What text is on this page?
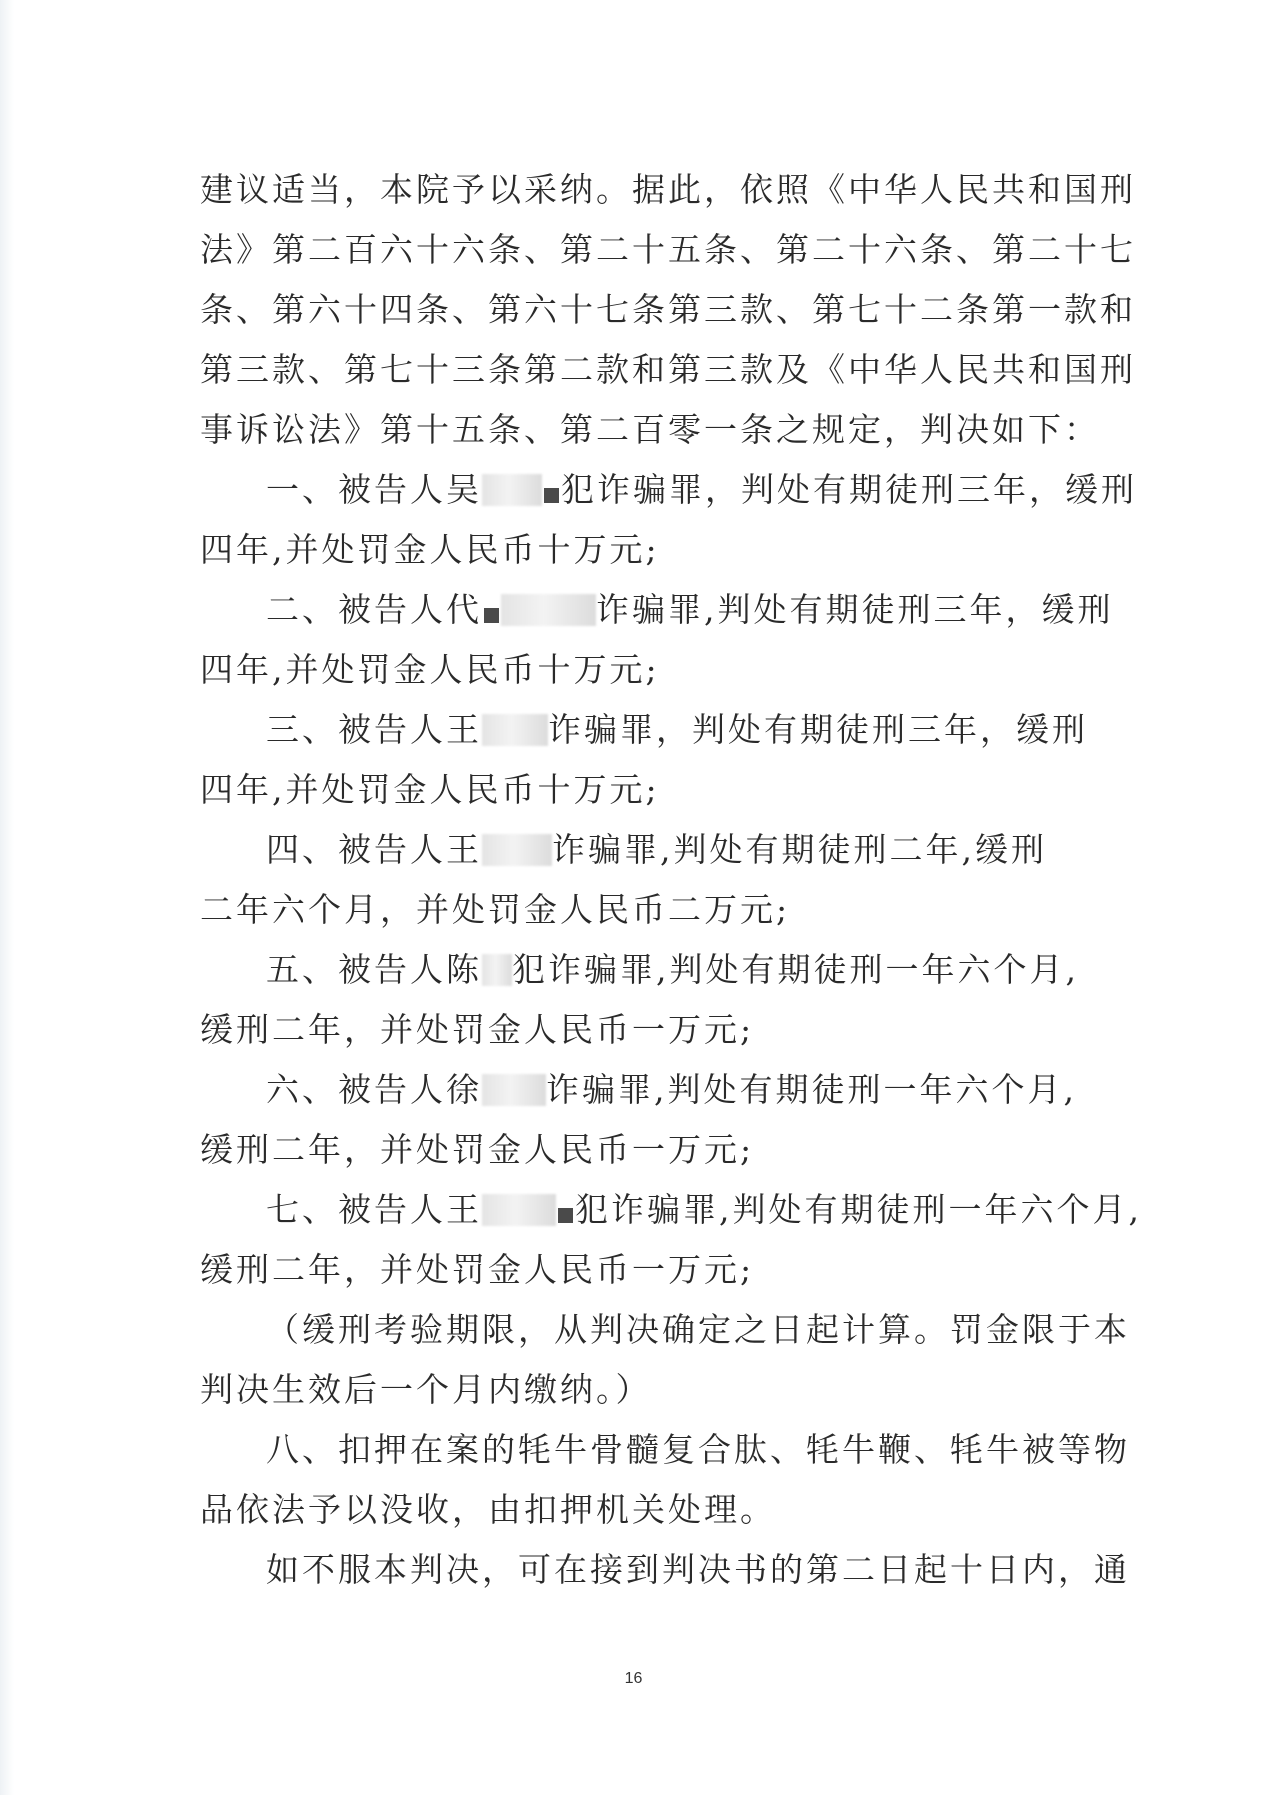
建议适当，本院予以采纳。据此，依照《中华人民共和国刑
法》第二百六十六条、第二十五条、第二十六条、第二十七
条、第六十四条、第六十七条第三款、第七十二条第一款和
第三款、第七十三条第二款和第三款及《中华人民共和国刑
事诉讼法》第十五条、第二百零一条之规定，判决如下：
一、被告人吴 犯诈骗罪，判处有期徒刑三年，缓刑
四年,并处罚金人民币十万元;
二、被告人代	诈骗罪,判处有期徒刑三年，缓刑
四年,并处罚金人民币十万元;
三、被告人王 诈骗罪，判处有期徒刑三年，缓刑
四年,并处罚金人民币十万元;
四、被告人王 诈骗罪,判处有期徒刑二年,缓刑
二年六个月，并处罚金人民币二万元;
五、被告人陈 犯诈骗罪,判处有期徒刑一年六个月,
缓刑二年，并处罚金人民币一万元;
六、被告人徐 诈骗罪,判处有期徒刑一年六个月,
缓刑二年，并处罚金人民币一万元;
七、被告人王	犯诈骗罪,判处有期徒刑一年六个月,
缓刑二年，并处罚金人民币一万元;
（缓刑考验期限，从判决确定之日起计算。罚金限于本
判决生效后一个月内缴纳。）
八、扣押在案的牦牛骨髓复合肽、牦牛鞭、牦牛被等物
品依法予以没收，由扣押机关处理。
如不服本判决，可在接到判决书的第二日起十日内，通
16
